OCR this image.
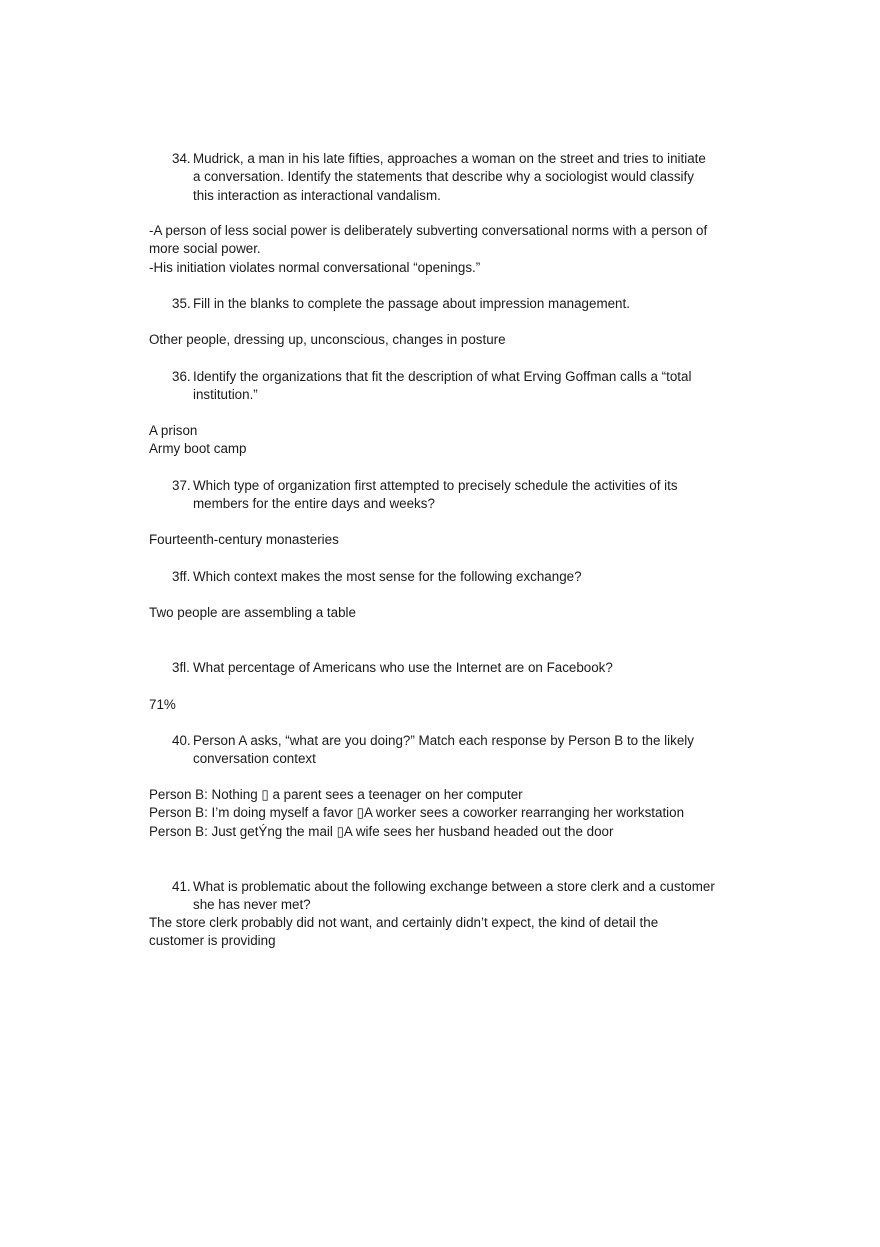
34. Mudrick, a man in his late fifties, approaches a woman on the street and tries to initiate
a conversation. Identify the statements that describe why a sociologist would classify
this interaction as interactional vandalism.
-A person of less social power is deliberately subverting conversational norms with a person of
more social power.
-His initiation violates normal conversational “openings.”
35. Fill in the blanks to complete the passage about impression management.
Other people, dressing up, unconscious, changes in posture
36. Identify the organizations that fit the description of what Erving Goffman calls a “total
institution.”
A prison
Army boot camp
37. Which type of organization first attempted to precisely schedule the activities of its
members for the entire days and weeks?
Fourteenth-century monasteries
3ff. Which context makes the most sense for the following exchange?
Two people are assembling a table
3fl. What percentage of Americans who use the Internet are on Facebook?
71%
40. Person A asks, “what are you doing?” Match each response by Person B to the likely
conversation context
Person B: Nothing ▯ a parent sees a teenager on her computer
Person B: I’m doing myself a favor ▯A worker sees a coworker rearranging her workstation
Person B: Just getÝng the mail ▯A wife sees her husband headed out the door
41. What is problematic about the following exchange between a store clerk and a customer
she has never met?
The store clerk probably did not want, and certainly didn’t expect, the kind of detail the
customer is providing
